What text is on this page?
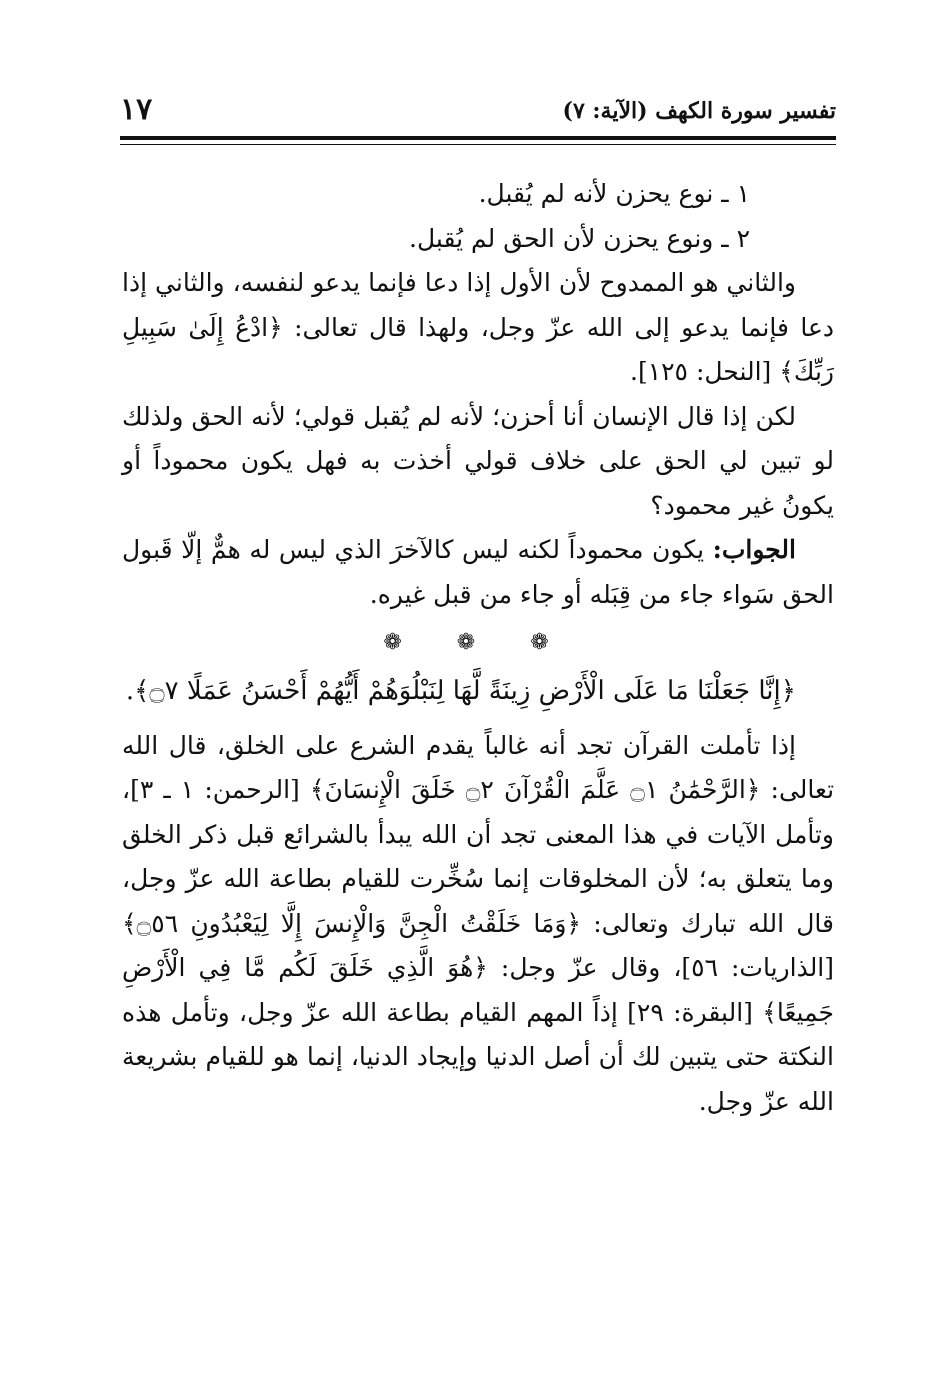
تفسير سورة الكهف (الآية: ٧)
١٧

١ ـ نوع يحزن لأنه لم يُقبل.

٢ ـ ونوع يحزن لأن الحق لم يُقبل.

والثاني هو الممدوح لأن الأول إذا دعا فإنما يدعو لنفسه، والثاني إذا دعا فإنما يدعو إلى الله عزّ وجل، ولهذا قال تعالى: ﴿ادْعُ إِلَىٰ سَبِيلِ رَبِّكَ﴾ [النحل: ١٢٥].

لكن إذا قال الإنسان أنا أحزن؛ لأنه لم يُقبل قولي؛ لأنه الحق ولذلك لو تبين لي الحق على خلاف قولي أخذت به فهل يكون محموداً أو يكونُ غير محمود؟

الجواب: يكون محموداً لكنه ليس كالآخرَ الذي ليس له همٌّ إلّا قَبول الحق سَواء جاء من قِبَله أو جاء من قبل غيره.

❁ ❁ ❁

﴿إِنَّا جَعَلْنَا مَا عَلَى الْأَرْضِ زِينَةً لَّهَا لِنَبْلُوَهُمْ أَيُّهُمْ أَحْسَنُ عَمَلًا ۝٧﴾.

إذا تأملت القرآن تجد أنه غالباً يقدم الشرع على الخلق، قال الله تعالى: ﴿الرَّحْمَٰنُ ۝١ عَلَّمَ الْقُرْآنَ ۝٢ خَلَقَ الْإِنسَانَ﴾ [الرحمن: ١ ـ ٣]، وتأمل الآيات في هذا المعنى تجد أن الله يبدأ بالشرائع قبل ذكر الخلق وما يتعلق به؛ لأن المخلوقات إنما سُخِّرت للقيام بطاعة الله عزّ وجل، قال الله تبارك وتعالى: ﴿وَمَا خَلَقْتُ الْجِنَّ وَالْإِنسَ إِلَّا لِيَعْبُدُونِ ۝٥٦﴾ [الذاريات: ٥٦]، وقال عزّ وجل: ﴿هُوَ الَّذِي خَلَقَ لَكُم مَّا فِي الْأَرْضِ جَمِيعًا﴾ [البقرة: ٢٩] إذاً المهم القيام بطاعة الله عزّ وجل، وتأمل هذه النكتة حتى يتبين لك أن أصل الدنيا وإيجاد الدنيا، إنما هو للقيام بشريعة الله عزّ وجل.
